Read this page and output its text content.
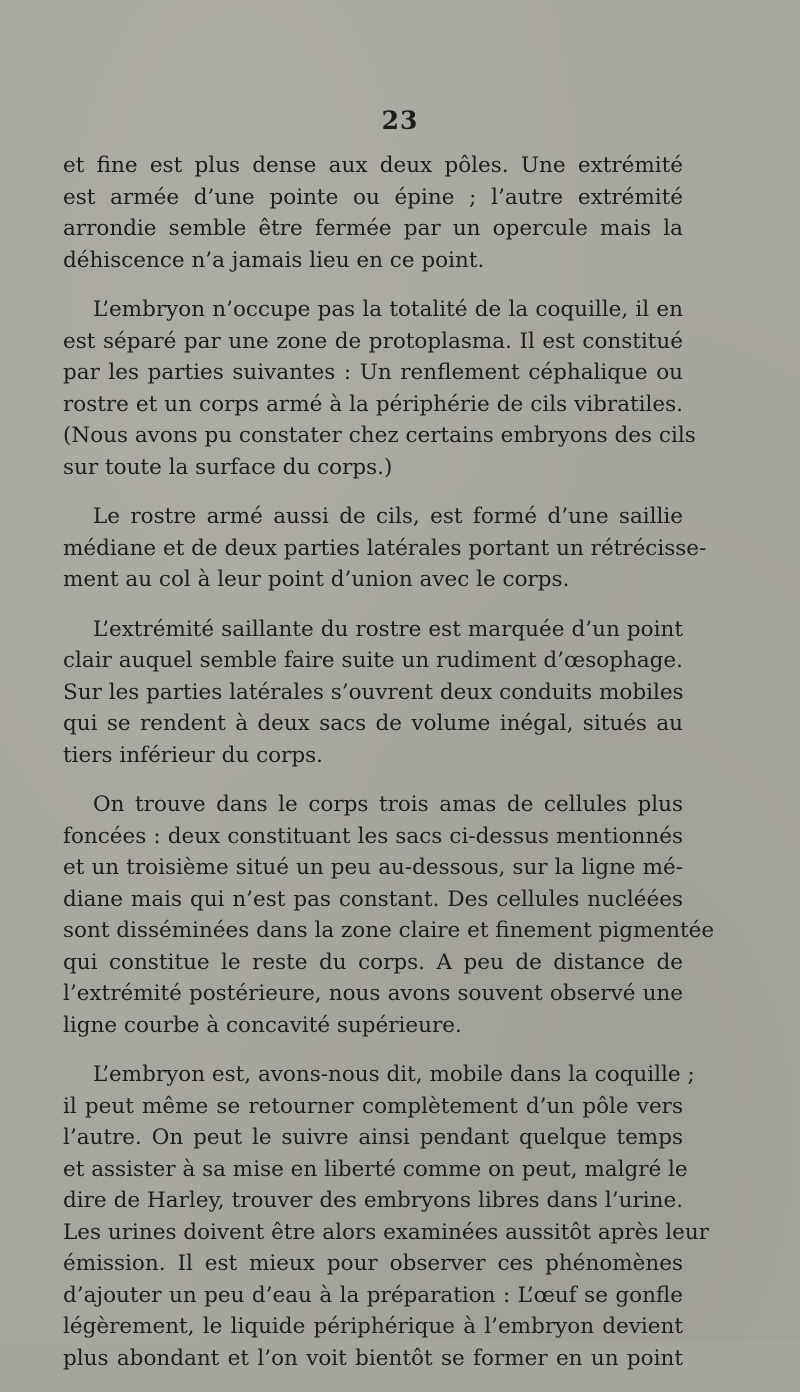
23
et fine est plus dense aux deux pôles. Une extrémité
est armée d’une pointe ou épine ; l’autre extrémité
arrondie semble être fermée par un opercule mais la
déhiscence n’a jamais lieu en ce point.
L’embryon n’occupe pas la totalité de la coquille, il en
est séparé par une zone de protoplasma. Il est constitué
par les parties suivantes : Un renflement céphalique ou
rostre et un corps armé à la périphérie de cils vibratiles.
(Nous avons pu constater chez certains embryons des cils
sur toute la surface du corps.)
Le rostre armé aussi de cils, est formé d’une saillie
médiane et de deux parties latérales portant un rétrécisse-
ment au col à leur point d’union avec le corps.
L’extrémité saillante du rostre est marquée d’un point
clair auquel semble faire suite un rudiment d’œsophage.
Sur les parties latérales s’ouvrent deux conduits mobiles
qui se rendent à deux sacs de volume inégal, situés au
tiers inférieur du corps.
On trouve dans le corps trois amas de cellules plus
foncées : deux constituant les sacs ci-dessus mentionnés
et un troisième situé un peu au-dessous, sur la ligne mé-
diane mais qui n’est pas constant. Des cellules nucléées
sont disséminées dans la zone claire et finement pigmentée
qui constitue le reste du corps. A peu de distance de
l’extrémité postérieure, nous avons souvent observé une
ligne courbe à concavité supérieure.
L’embryon est, avons-nous dit, mobile dans la coquille ;
il peut même se retourner complètement d’un pôle vers
l’autre. On peut le suivre ainsi pendant quelque temps
et assister à sa mise en liberté comme on peut, malgré le
dire de Harley, trouver des embryons libres dans l’urine.
Les urines doivent être alors examinées aussitôt après leur
émission. Il est mieux pour observer ces phénomènes
d’ajouter un peu d’eau à la préparation : L’œuf se gonfle
légèrement, le liquide périphérique à l’embryon devient
plus abondant et l’on voit bientôt se former en un point
